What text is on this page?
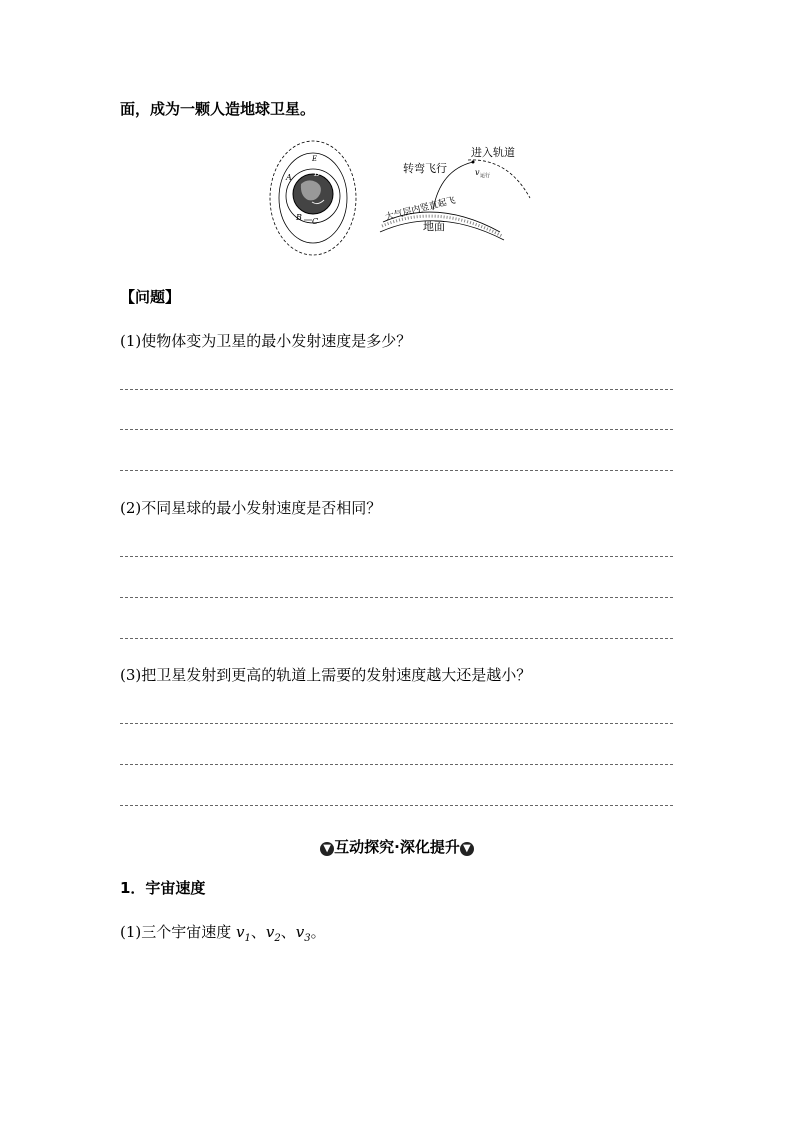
面，成为一颗人造地球卫星。
E
D
A
B C
进入轨道
转弯飞行	v 运行
大气层内竖直起飞
地面
【问题】
(1)使物体变为卫星的最小发射速度是多少？
(2)不同星球的最小发射速度是否相同？
(3)把卫星发射到更高的轨道上需要的发射速度越大还是越小？
▼ 互动探究·深化提升 ▼
1．宇宙速度
(1)三个宇宙速度 $v_1$、$v_2$、$v_3$。
